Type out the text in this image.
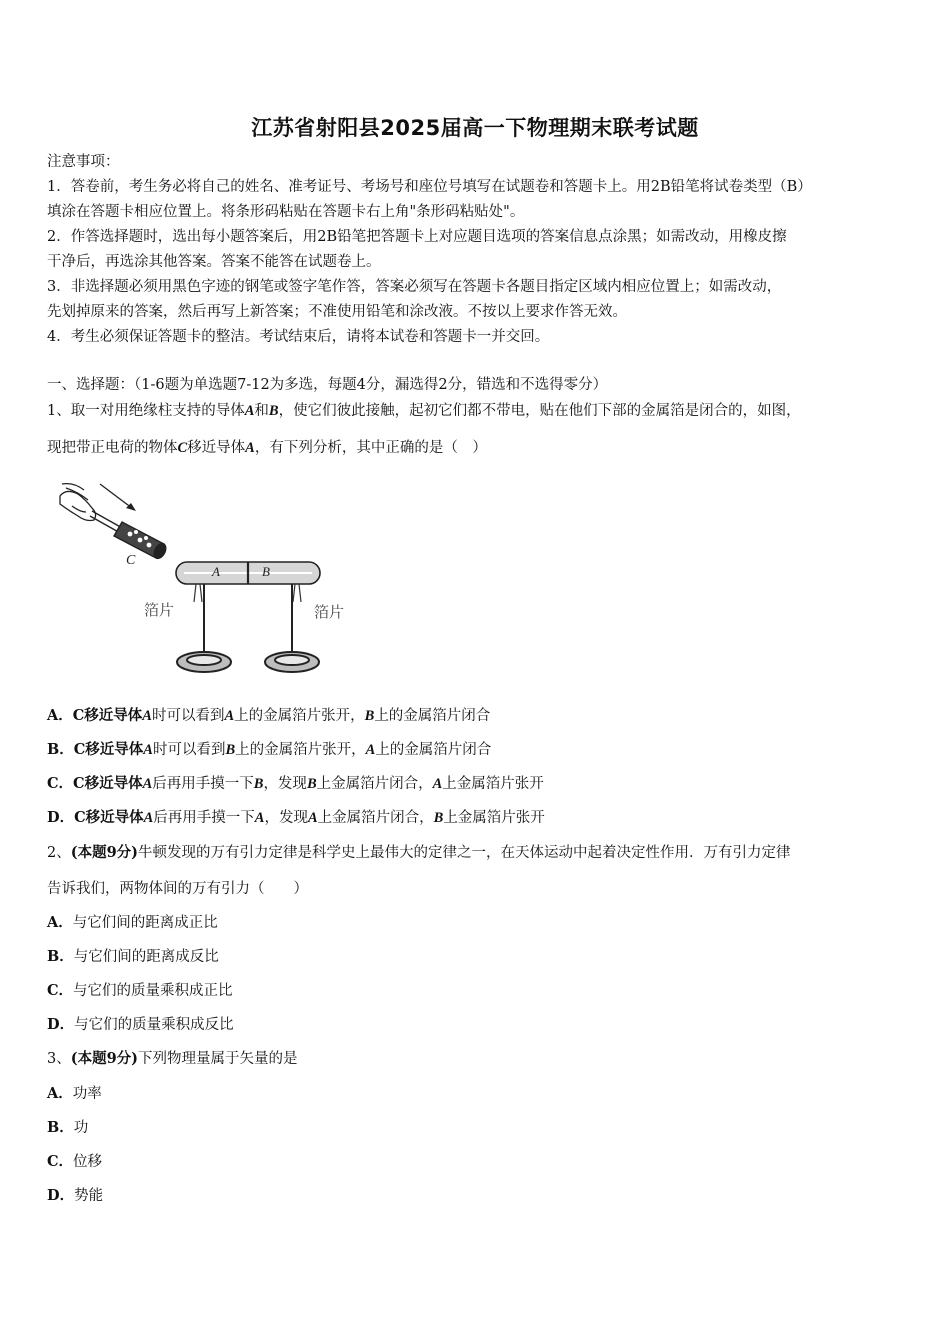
江苏省射阳县2025届高一下物理期末联考试题
注意事项：
1．答卷前，考生务必将自己的姓名、准考证号、考场号和座位号填写在试题卷和答题卡上。用2B铅笔将试卷类型（B）
填涂在答题卡相应位置上。将条形码粘贴在答题卡右上角"条形码粘贴处"。
2．作答选择题时，选出每小题答案后，用2B铅笔把答题卡上对应题目选项的答案信息点涂黑；如需改动，用橡皮擦
干净后，再选涂其他答案。答案不能答在试题卷上。
3．非选择题必须用黑色字迹的钢笔或签字笔作答，答案必须写在答题卡各题目指定区域内相应位置上；如需改动，
先划掉原来的答案，然后再写上新答案；不准使用铅笔和涂改液。不按以上要求作答无效。
4．考生必须保证答题卡的整洁。考试结束后，请将本试卷和答题卡一并交回。
一、选择题：（1-6题为单选题7-12为多选，每题4分，漏选得2分，错选和不选得零分）
1、取一对用绝缘柱支持的导体A和B，使它们彼此接触，起初它们都不带电，贴在他们下部的金属箔是闭合的，如图，
现把带正电荷的物体C移近导体A，有下列分析，其中正确的是（　）
C
A	B
箔片	箔片
A．C移近导体A时可以看到A上的金属箔片张开，B上的金属箔片闭合
B．C移近导体A时可以看到B上的金属箔片张开，A上的金属箔片闭合
C．C移近导体A后再用手摸一下B，发现B上金属箔片闭合，A上金属箔片张开
D．C移近导体A后再用手摸一下A，发现A上金属箔片闭合，B上金属箔片张开
2、(本题9分)牛顿发现的万有引力定律是科学史上最伟大的定律之一，在天体运动中起着决定性作用．万有引力定律
告诉我们，两物体间的万有引力（　　）
A．与它们间的距离成正比
B．与它们间的距离成反比
C．与它们的质量乘积成正比
D．与它们的质量乘积成反比
3、(本题9分)下列物理量属于矢量的是
A．功率
B．功
C．位移
D．势能
